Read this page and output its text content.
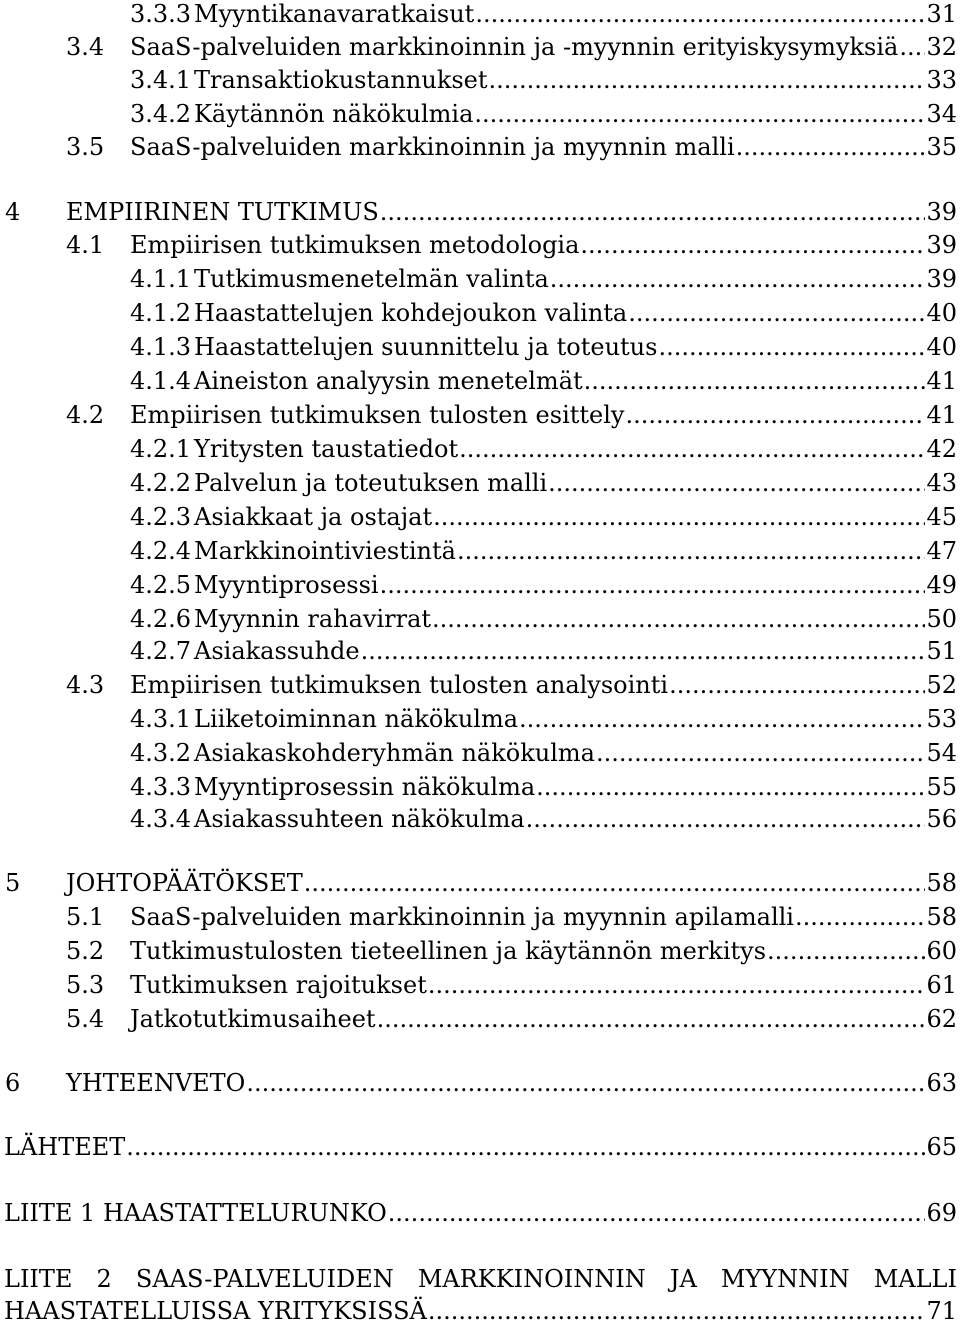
3.3.3 Myyntikanavaratkaisut .....	31
3.4	SaaS-palveluiden markkinoinnin ja -myynnin erityiskysymyksiä ..... 32
3.4.1 Transaktiokustannukset .....	33
3.4.2 Käytännön näkökulmia .....	34
3.5	SaaS-palveluiden markkinoinnin ja myynnin malli .....	35
4	EMPIIRINEN TUTKIMUS .....	39
4.1	Empiirisen tutkimuksen metodologia .....	39
4.1.1 Tutkimusmenetelmän valinta .....	39
4.1.2 Haastattelujen kohdejoukon valinta .....	40
4.1.3 Haastattelujen suunnittelu ja toteutus .....	40
4.1.4 Aineiston analyysin menetelmät .....	41
4.2	Empiirisen tutkimuksen tulosten esittely .....	41
4.2.1 Yritysten taustatiedot .....	42
4.2.2 Palvelun ja toteutuksen malli .....	43
4.2.3 Asiakkaat ja ostajat .....	45
4.2.4 Markkinointiviestintä .....	47
4.2.5 Myyntiprosessi .....	49
4.2.6 Myynnin rahavirrat .....	50
4.2.7 Asiakassuhde .....	51
4.3	Empiirisen tutkimuksen tulosten analysointi .....	52
4.3.1 Liiketoiminnan näkökulma .....	53
4.3.2 Asiakaskohderyhmän näkökulma .....	54
4.3.3 Myyntiprosessin näkökulma .....	55
4.3.4 Asiakassuhteen näkökulma .....	56
5	JOHTOPÄÄTÖKSET .....	58
5.1	SaaS-palveluiden markkinoinnin ja myynnin apilamalli .....	58
5.2	Tutkimustulosten tieteellinen ja käytännön merkitys .....	60
5.3	Tutkimuksen rajoitukset .....	61
5.4	Jatkotutkimusaiheet .....	62
6	YHTEENVETO .....	63
LÄHTEET .....	65
LIITE 1 HAASTATTELURUNKO .....	69
LIITE 2 SAAS-PALVELUIDEN MARKKINOINNIN JA MYYNNIN MALLI
HAASTATELLUISSA YRITYKSISSÄ .....	71
